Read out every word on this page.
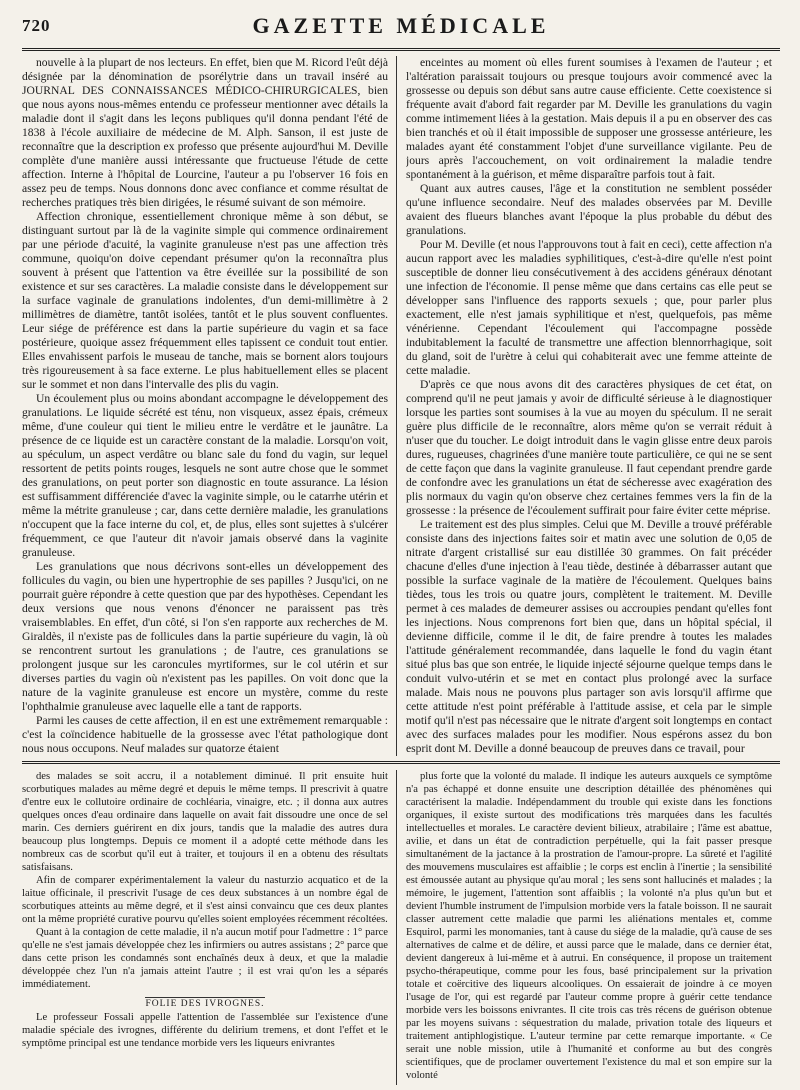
720	GAZETTE MÉDICALE

nouvelle à la plupart de nos lecteurs. En effet, bien que M. Ricord l'eût déjà désignée par la dénomination de psorélytrie dans un travail inséré au JOURNAL DES CONNAISSANCES MÉDICO-CHIRURGICALES, bien que nous ayons nous-mêmes entendu ce professeur mentionner avec détails la maladie dont il s'agit dans les leçons publiques qu'il donna pendant l'été de 1838 à l'école auxiliaire de médecine de M. Alph. Sanson, il est juste de reconnaître que la description ex professo que présente aujourd'hui M. Deville complète d'une manière aussi intéressante que fructueuse l'étude de cette affection. Interne à l'hôpital de Lourcine, l'auteur a pu l'observer 16 fois en assez peu de temps. Nous donnons donc avec confiance et comme résultat de recherches pratiques très bien dirigées, le résumé suivant de son mémoire.

Affection chronique, essentiellement chronique même à son début, se distinguant surtout par là de la vaginite simple qui commence ordinairement par une période d'acuité, la vaginite granuleuse n'est pas une affection très commune, quoiqu'on doive cependant présumer qu'on la reconnaîtra plus souvent à présent que l'attention va être éveillée sur la possibilité de son existence et sur ses caractères. La maladie consiste dans le développement sur la surface vaginale de granulations indolentes, d'un demi-millimètre à 2 millimètres de diamètre, tantôt isolées, tantôt et le plus souvent confluentes. Leur siége de préférence est dans la partie supérieure du vagin et sa face postérieure, quoique assez fréquemment elles tapissent ce conduit tout entier. Elles envahissent parfois le museau de tanche, mais se bornent alors toujours très rigoureusement à sa face externe. Le plus habituellement elles se placent sur le sommet et non dans l'intervalle des plis du vagin.

Un écoulement plus ou moins abondant accompagne le développement des granulations. Le liquide sécrété est ténu, non visqueux, assez épais, crémeux même, d'une couleur qui tient le milieu entre le verdâtre et le jaunâtre. La présence de ce liquide est un caractère constant de la maladie. Lorsqu'on voit, au spéculum, un aspect verdâtre ou blanc sale du fond du vagin, sur lequel ressortent de petits points rouges, lesquels ne sont autre chose que le sommet des granulations, on peut porter son diagnostic en toute assurance. La lésion est suffisamment différenciée d'avec la vaginite simple, ou le catarrhe utérin et même la métrite granuleuse ; car, dans cette dernière maladie, les granulations n'occupent que la face interne du col, et, de plus, elles sont sujettes à s'ulcérer fréquemment, ce que l'auteur dit n'avoir jamais observé dans la vaginite granuleuse.

Les granulations que nous décrivons sont-elles un développement des follicules du vagin, ou bien une hypertrophie de ses papilles ? Jusqu'ici, on ne pourrait guère répondre à cette question que par des hypothèses. Cependant les deux versions que nous venons d'énoncer ne paraissent pas très vraisemblables. En effet, d'un côté, si l'on s'en rapporte aux recherches de M. Giraldès, il n'existe pas de follicules dans la partie supérieure du vagin, là où se rencontrent surtout les granulations ; de l'autre, ces granulations se prolongent jusque sur les caroncules myrtiformes, sur le col utérin et sur diverses parties du vagin où n'existent pas les papilles. On voit donc que la nature de la vaginite granuleuse est encore un mystère, comme du reste l'ophthalmie granuleuse avec laquelle elle a tant de rapports.

Parmi les causes de cette affection, il en est une extrêmement remarquable : c'est la coïncidence habituelle de la grossesse avec l'état pathologique dont nous nous occupons. Neuf malades sur quatorze étaient

enceintes au moment où elles furent soumises à l'examen de l'auteur ; et l'altération paraissait toujours ou presque toujours avoir commencé avec la grossesse ou depuis son début sans autre cause efficiente. Cette coexistence si fréquente avait d'abord fait regarder par M. Deville les granulations du vagin comme intimement liées à la gestation. Mais depuis il a pu en observer des cas bien tranchés et où il était impossible de supposer une grossesse antérieure, les malades ayant été constamment l'objet d'une surveillance vigilante. Peu de jours après l'accouchement, on voit ordinairement la maladie tendre spontanément à la guérison, et même disparaître parfois tout à fait.

Quant aux autres causes, l'âge et la constitution ne semblent posséder qu'une influence secondaire. Neuf des malades observées par M. Deville avaient des flueurs blanches avant l'époque la plus probable du début des granulations.

Pour M. Deville (et nous l'approuvons tout à fait en ceci), cette affection n'a aucun rapport avec les maladies syphilitiques, c'est-à-dire qu'elle n'est point susceptible de donner lieu consécutivement à des accidens généraux dénotant une infection de l'économie. Il pense même que dans certains cas elle peut se développer sans l'influence des rapports sexuels ; que, pour parler plus exactement, elle n'est jamais syphilitique et n'est, quelquefois, pas même vénérienne. Cependant l'écoulement qui l'accompagne possède indubitablement la faculté de transmettre une affection blennorrhagique, soit du gland, soit de l'urètre à celui qui cohabiterait avec une femme atteinte de cette maladie.

D'après ce que nous avons dit des caractères physiques de cet état, on comprend qu'il ne peut jamais y avoir de difficulté sérieuse à le diagnostiquer lorsque les parties sont soumises à la vue au moyen du spéculum. Il ne serait guère plus difficile de le reconnaître, alors même qu'on se verrait réduit à n'user que du toucher. Le doigt introduit dans le vagin glisse entre deux parois dures, rugueuses, chagrinées d'une manière toute particulière, ce qui ne se sent de cette façon que dans la vaginite granuleuse. Il faut cependant prendre garde de confondre avec les granulations un état de sécheresse avec exagération des plis normaux du vagin qu'on observe chez certaines femmes vers la fin de la grossesse : la présence de l'écoulement suffirait pour faire éviter cette méprise.

Le traitement est des plus simples. Celui que M. Deville a trouvé préférable consiste dans des injections faites soir et matin avec une solution de 0,05 de nitrate d'argent cristallisé sur eau distillée 30 grammes. On fait précéder chacune d'elles d'une injection à l'eau tiède, destinée à débarrasser autant que possible la surface vaginale de la matière de l'écoulement. Quelques bains tièdes, tous les trois ou quatre jours, complètent le traitement. M. Deville permet à ces malades de demeurer assises ou accroupies pendant qu'elles font les injections. Nous comprenons fort bien que, dans un hôpital spécial, il devienne difficile, comme il le dit, de faire prendre à toutes les malades l'attitude généralement recommandée, dans laquelle le fond du vagin étant situé plus bas que son entrée, le liquide injecté séjourne quelque temps dans le conduit vulvo-utérin et se met en contact plus prolongé avec la surface malade. Mais nous ne pouvons plus partager son avis lorsqu'il affirme que cette attitude n'est point préférable à l'attitude assise, et cela par le simple motif qu'il n'est pas nécessaire que le nitrate d'argent soit longtemps en contact avec des surfaces malades pour les modifier. Nous espérons assez du bon esprit dont M. Deville a donné beaucoup de preuves dans ce travail, pour

des malades se soit accru, il a notablement diminué. Il prit ensuite huit scorbutiques malades au même degré et depuis le même temps. Il prescrivit à quatre d'entre eux le collutoire ordinaire de cochléaria, vinaigre, etc. ; il donna aux autres quelques onces d'eau ordinaire dans laquelle on avait fait dissoudre une once de sel marin. Ces derniers guérirent en dix jours, tandis que la maladie des autres dura beaucoup plus longtemps. Depuis ce moment il a adopté cette méthode dans les nombreux cas de scorbut qu'il eut à traiter, et toujours il en a obtenu des résultats satisfaisans.

Afin de comparer expérimentalement la valeur du nasturzio acquatico et de la laitue officinale, il prescrivit l'usage de ces deux substances à un nombre égal de scorbutiques atteints au même degré, et il s'est ainsi convaincu que ces deux plantes ont la même propriété curative pourvu qu'elles soient employées récemment récoltées.

Quant à la contagion de cette maladie, il n'a aucun motif pour l'admettre : 1° parce qu'elle ne s'est jamais développée chez les infirmiers ou autres assistans ; 2° parce que dans cette prison les condamnés sont enchaînés deux à deux, et que la maladie développée chez l'un n'a jamais atteint l'autre ; il est vrai qu'on les a séparés immédiatement.

FOLIE DES IVROGNES.

Le professeur Fossali appelle l'attention de l'assemblée sur l'existence d'une maladie spéciale des ivrognes, différente du delirium tremens, et dont l'effet et le symptôme principal est une tendance morbide vers les liqueurs enivrantes

plus forte que la volonté du malade. Il indique les auteurs auxquels ce symptôme n'a pas échappé et donne ensuite une description détaillée des phénomènes qui caractérisent la maladie. Indépendamment du trouble qui existe dans les fonctions organiques, il existe surtout des modifications très marquées dans les facultés intellectuelles et morales. Le caractère devient bilieux, atrabilaire ; l'âme est abattue, avilie, et dans un état de contradiction perpétuelle, qui la fait passer presque simultanément de la jactance à la prostration de l'amour-propre. La sûreté et l'agilité des mouvemens musculaires est affaiblie ; le corps est enclin à l'inertie ; la sensibilité est émoussée autant au physique qu'au moral ; les sens sont hallucinés et malades ; la mémoire, le jugement, l'attention sont affaiblis ; la volonté n'a plus qu'un but et devient l'humble instrument de l'impulsion morbide vers la fatale boisson. Il ne saurait classer autrement cette maladie que parmi les aliénations mentales et, comme Esquirol, parmi les monomanies, tant à cause du siége de la maladie, qu'à cause de ses alternatives de calme et de délire, et aussi parce que le malade, dans ce dernier état, devient dangereux à lui-même et à autrui. En conséquence, il propose un traitement psycho-thérapeutique, comme pour les fous, basé principalement sur la privation totale et coërcitive des liqueurs alcooliques. On essaierait de joindre à ce moyen l'usage de l'or, qui est regardé par l'auteur comme propre à guérir cette tendance morbide vers les boissons enivrantes. Il cite trois cas très récens de guérison obtenue par les moyens suivans : séquestration du malade, privation totale des liqueurs et traitement antiphlogistique. L'auteur termine par cette remarque importante. « Ce serait une noble mission, utile à l'humanité et conforme au but des congrès scientifiques, que de proclamer ouvertement l'existence du mal et son empire sur la volonté
